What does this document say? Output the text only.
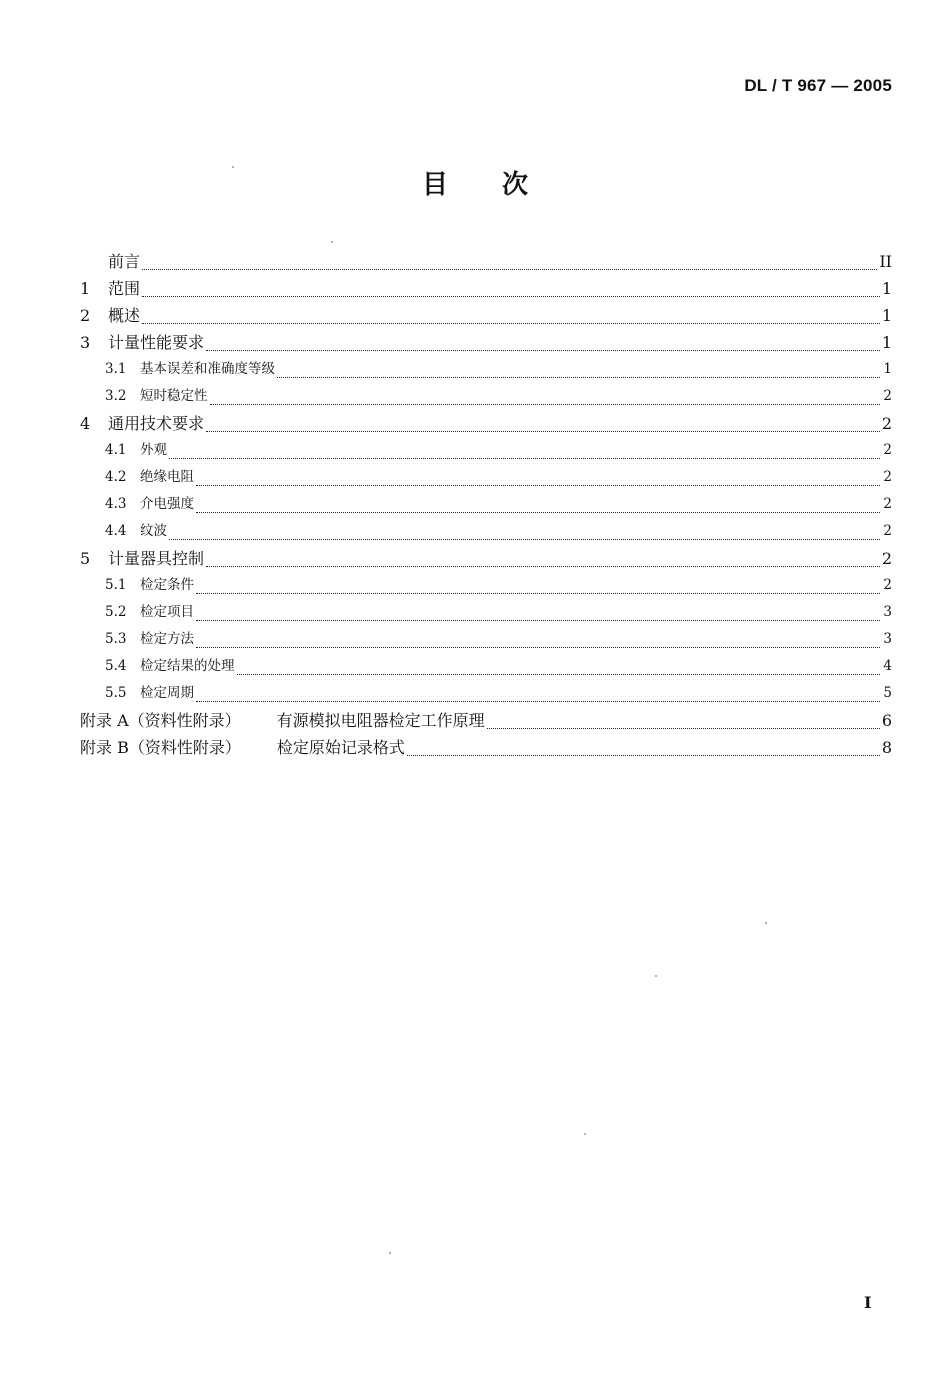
DL / T 967 — 2005
目次
前言	II
1	范围	1
2	概述	1
3	计量性能要求	1
3.1	基本误差和准确度等级	1
3.2	短时稳定性	2
4	通用技术要求	2
4.1	外观	2
4.2	绝缘电阻	2
4.3	介电强度	2
4.4	纹波	2
5	计量器具控制	2
5.1	检定条件	2
5.2	检定项目	3
5.3	检定方法	3
5.4	检定结果的处理	4
5.5	检定周期	5
附录 A（资料性附录） 有源模拟电阻器检定工作原理	6
附录 B（资料性附录） 检定原始记录格式	8
I
